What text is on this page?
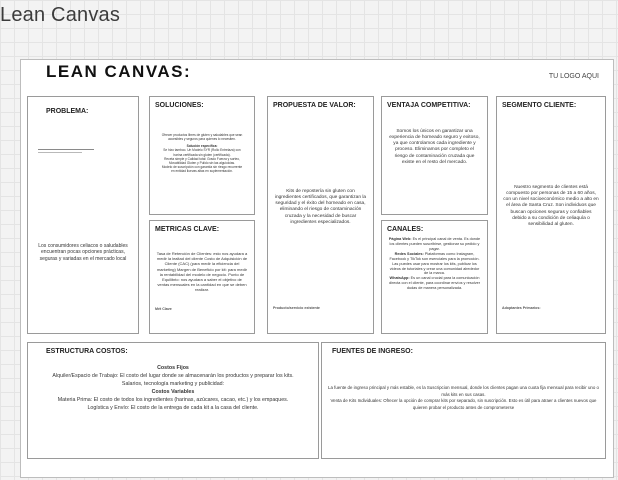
Lean Canvas
LEAN CANVAS:	TU LOGO AQUI
PROBLEMA:
Los consumidores celiacos o saludables encuentran pocas opciones prácticas, seguras y variadas en el mercado local
SOLUCIONES:

Ofrecer productos libres de gluten y saludables que sean accesibles y seguros para quienes lo necesiten.

Solución específica:

Se hizo tamboo. Un Modelo SYR (Rollo Entrelaza) con

harina certificada sin gluten (certificada).

Receta simple y Calidad total: Grado Fuerza y sorteo,

Movabilidad Gluten y Pulido sin las alguiolcias.

Modelo de suscripción con garantía sin riesgo recurrente

en entidad lluevas altas en suplementación.

METRICAS CLAVE:
Tasa de Retención de Clientes: esto nos ayudara a medir la lealtad del cliente Costo de Adquisición de Cliente (CAC) (para medir la eficiencia del marketing) Margen de Beneficio por kit: para medir la rentabilidad del modelo de negocio. Punto de Equilibrio: nos ayudara a saber el objetivo de ventas mensuales en la cantidad en que se deben realizar.
Mét Clave
PROPUESTA DE VALOR:
Kits de repostería sin gluten con ingredientes certificados, que garantizan la seguridad y el éxito del horneado en casa, eliminando el riesgo de contaminación cruzada y la necesidad de buscar ingredientes especializados.
Producto/servicio existente
VENTAJA COMPETITIVA:
Somos los únicos en garantizar una experiencia de horneado seguro y exitoso, ya que controlamos cada ingrediente y proceso. Eliminamos por completo el riesgo de contaminación cruzada que existe en el resto del mercado.
CANALES:

Página Web: Es el principal canal de venta. Es donde los clientes pueden suscribirse, gestionar su pedido y pagar.

Redes Sociales: Plataformas como Instagram, Facebook y TikTok son esenciales para la promoción. Las puedes usar para mostrar los kits, publicar los videos de tutoriales y crear una comunidad alrededor de la marca.

WhatsApp: Es un canal crucial para la comunicación directa con el cliente, para coordinar envíos y resolver dudas de manera personalizada.

SEGMENTO CLIENTE:
Nuestro segmento de clientes está compuesto por personas de 15 a 60 años, con un nivel socioeconómico medio a alto en el área de Santa Cruz. Son individuos que buscan opciones seguras y confiables debido a su condición de celiaquía o sensibilidad al gluten.
Adoptantes Primarios:
ESTRUCTURA COSTOS:

Costos Fijos

Alquiler/Espacio de Trabajo: El costo del lugar donde se almacenarán los productos y preparar los kits.

Salarios, tecnología marketing y publicidad:

Costos Variables

Materia Prima: El costo de todos los ingredientes (harinas, azúcares, cacao, etc.) y los empaques.

Logística y Envío: El costo de la entrega de cada kit a la casa del cliente.

FUENTES DE INGRESO:

La fuente de ingreso principal y más estable, es la Suscripcion mensual, donde los clientes pagan una cuota fija mensual para recibir uno o más kits en sus casas.

Venta de Kits Individuales: Ofrecer la opción de comprar kits por separado, sin suscripción. Esto es útil para atraer a clientes nuevos que quieren probar el producto antes de comprometerse
